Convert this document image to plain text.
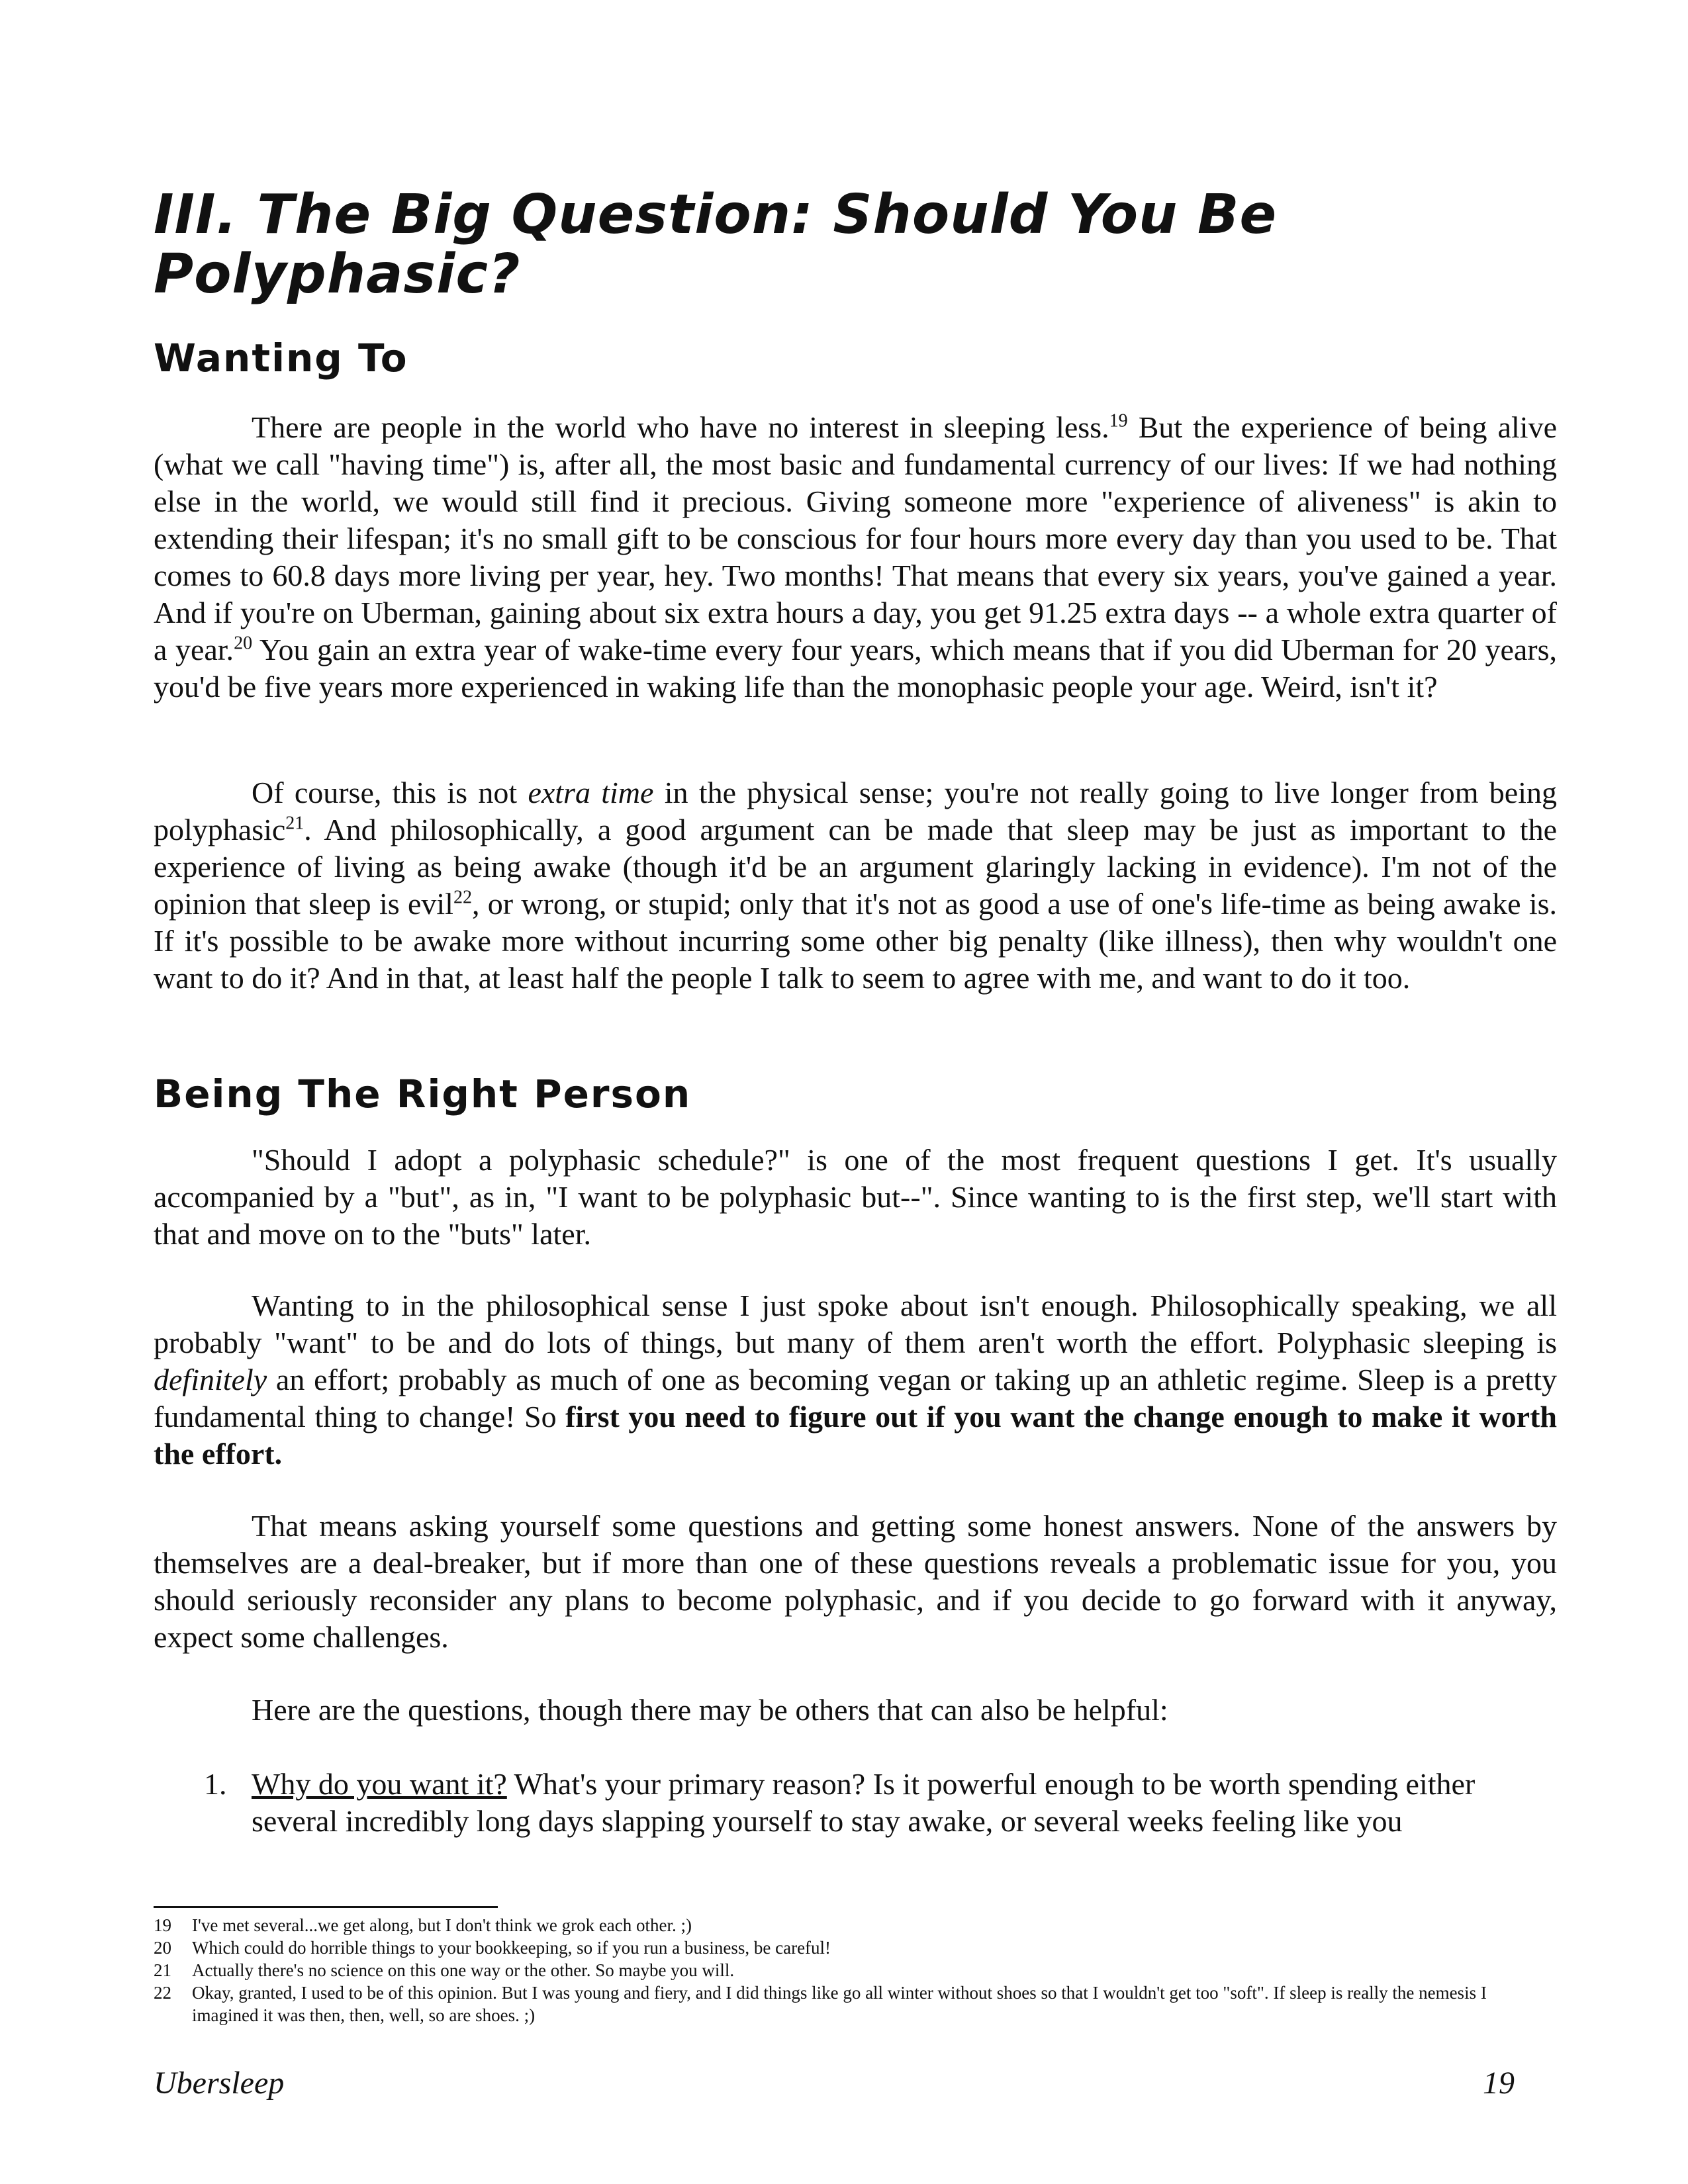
III. The Big Question: Should You Be Polyphasic?
Wanting To

There are people in the world who have no interest in sleeping less.$^{19}$ But the experience of being alive (what we call "having time") is, after all, the most basic and fundamental currency of our lives: If we had nothing else in the world, we would still find it precious. Giving someone more "experience of aliveness" is akin to extending their lifespan; it's no small gift to be conscious for four hours more every day than you used to be. That comes to 60.8 days more living per year, hey. Two months! That means that every six years, you've gained a year. And if you're on Uberman, gaining about six extra hours a day, you get 91.25 extra days -- a whole extra quarter of a year.$^{20}$ You gain an extra year of wake-time every four years, which means that if you did Uberman for 20 years, you'd be five years more experienced in waking life than the monophasic people your age. Weird, isn't it?

Of course, this is not extra time in the physical sense; you're not really going to live longer from being polyphasic$^{21}$. And philosophically, a good argument can be made that sleep may be just as important to the experience of living as being awake (though it'd be an argument glaringly lacking in evidence). I'm not of the opinion that sleep is evil$^{22}$, or wrong, or stupid; only that it's not as good a use of one's life-time as being awake is. If it's possible to be awake more without incurring some other big penalty (like illness), then why wouldn't one want to do it? And in that, at least half the people I talk to seem to agree with me, and want to do it too.

Being The Right Person

"Should I adopt a polyphasic schedule?" is one of the most frequent questions I get. It's usually accompanied by a "but", as in, "I want to be polyphasic but--". Since wanting to is the first step, we'll start with that and move on to the "buts" later.

Wanting to in the philosophical sense I just spoke about isn't enough. Philosophically speaking, we all probably "want" to be and do lots of things, but many of them aren't worth the effort. Polyphasic sleeping is definitely an effort; probably as much of one as becoming vegan or taking up an athletic regime. Sleep is a pretty fundamental thing to change! So first you need to figure out if you want the change enough to make it worth the effort.

That means asking yourself some questions and getting some honest answers. None of the answers by themselves are a deal-breaker, but if more than one of these questions reveals a problematic issue for you, you should seriously reconsider any plans to become polyphasic, and if you decide to go forward with it anyway, expect some challenges.

Here are the questions, though there may be others that can also be helpful:

1. Why do you want it? What's your primary reason? Is it powerful enough to be worth spending either several incredibly long days slapping yourself to stay awake, or several weeks feeling like you
19	I've met several...we get along, but I don't think we grok each other. ;)
20	Which could do horrible things to your bookkeeping, so if you run a business, be careful!
21	Actually there's no science on this one way or the other. So maybe you will.
22	Okay, granted, I used to be of this opinion. But I was young and fiery, and I did things like go all winter without shoes so that I wouldn't get too "soft". If sleep is really the nemesis I imagined it was then, then, well, so are shoes. ;)
Ubersleep	19
